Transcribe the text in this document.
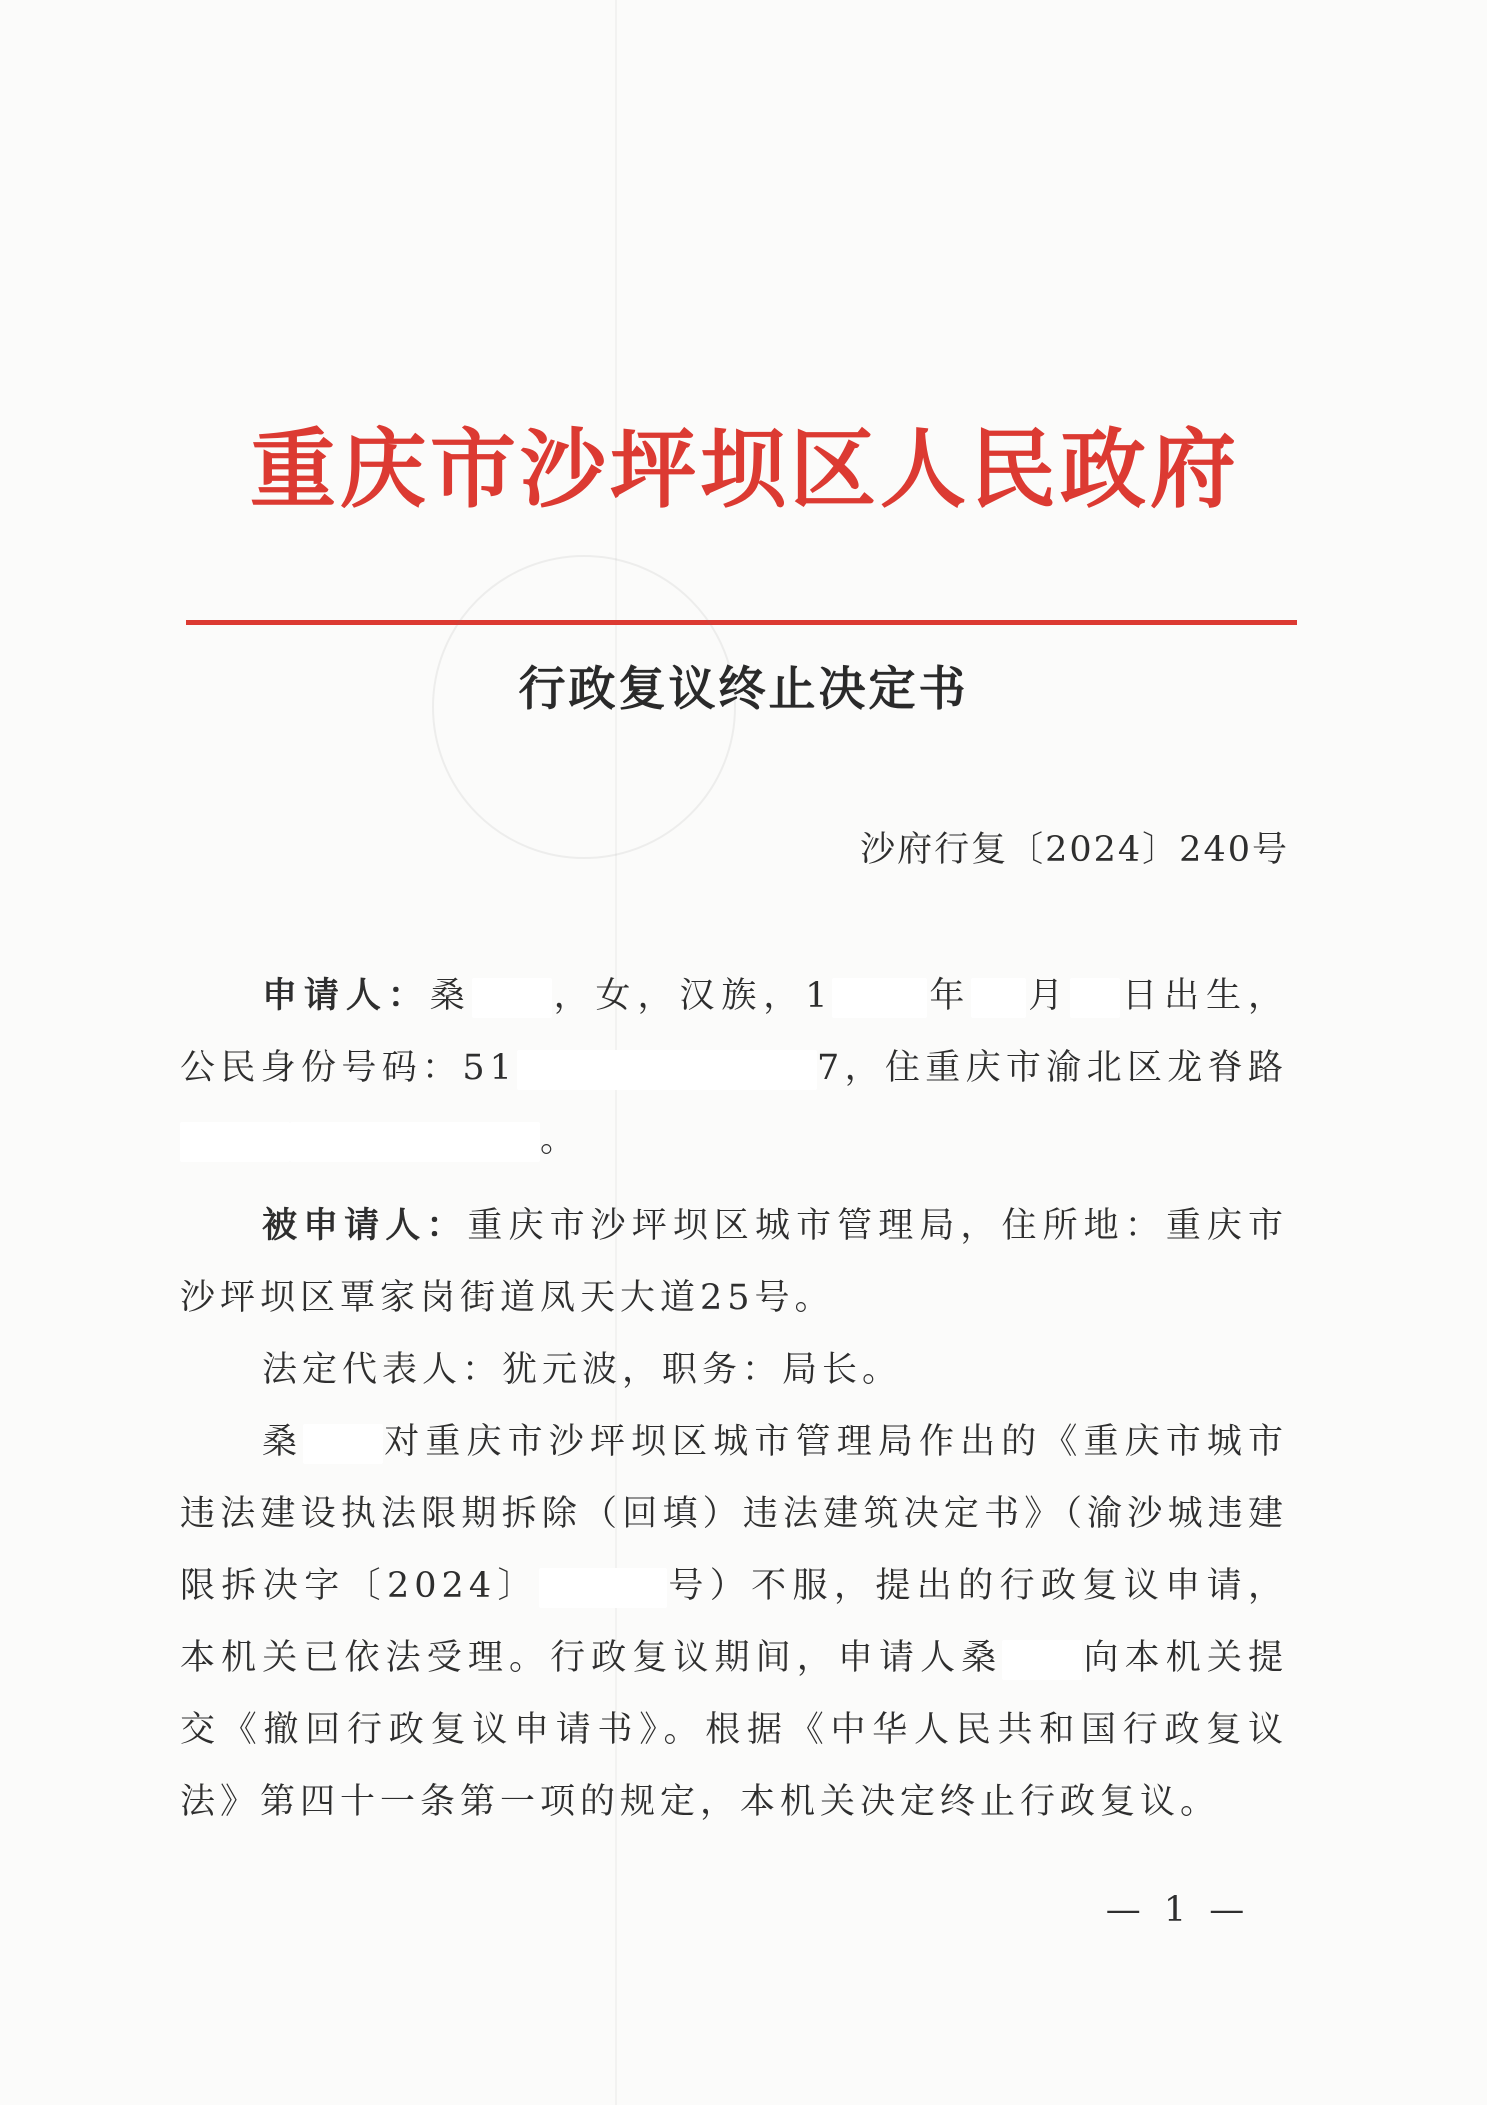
重庆市沙坪坝区人民政府
行政复议终止决定书
沙府行复〔2024〕240号

申请人：桑 ，女，汉族，1	年 月 日出生，公民身份号码：51	7，住重庆市渝北区龙脊路。

被申请人：重庆市沙坪坝区城市管理局，住所地：重庆市沙坪坝区覃家岗街道凤天大道25号。

法定代表人：犹元波，职务：局长。

桑 对重庆市沙坪坝区城市管理局作出的《重庆市城市违法建设执法限期拆除（回填）违法建筑决定书》（渝沙城违建限拆决字〔2024〕	号）不服，提出的行政复议申请，本机关已依法受理。行政复议期间，申请人桑 向本机关提交《撤回行政复议申请书》。根据《中华人民共和国行政复议法》第四十一条第一项的规定，本机关决定终止行政复议。

— 1 —
